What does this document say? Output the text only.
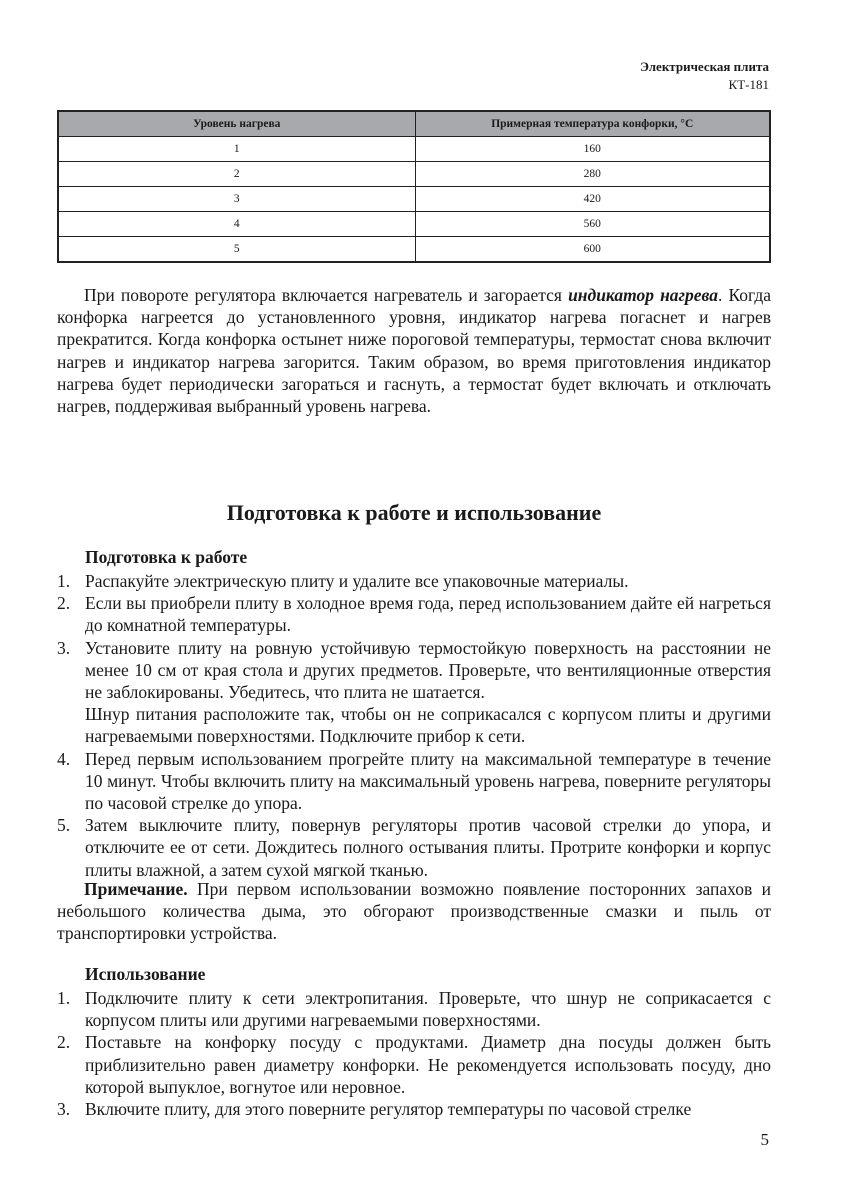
Электрическая плита
КТ-181
Уровень нагрева	Примерная температура конфорки, °С
1	160
2	280
3	420
4	560
5	600

При повороте регулятора включается нагреватель и загорается индикатор нагрева. Когда конфорка нагреется до установленного уровня, индикатор нагрева погаснет и нагрев прекратится. Когда конфорка остынет ниже пороговой температуры, термостат снова включит нагрев и индикатор нагрева загорится. Таким образом, во время приготовления индикатор нагрева будет периодически загораться и гаснуть, а термостат будет включать и отключать нагрев, поддерживая выбранный уровень нагрева.

Подготовка к работе и использование
Подготовка к работе
1. Распакуйте электрическую плиту и удалите все упаковочные материалы.
2. Если вы приобрели плиту в холодное время года, перед использованием дайте ей нагреться до комнатной температуры.
3. Установите плиту на ровную устойчивую термостойкую поверхность на расстоянии не менее 10 см от края стола и других предметов. Проверьте, что вентиляционные отверстия не заблокированы. Убедитесь, что плита не шатается.
Шнур питания расположите так, чтобы он не соприкасался с корпусом плиты и другими нагреваемыми поверхностями. Подключите прибор к сети.
4. Перед первым использованием прогрейте плиту на максимальной температуре в течение 10 минут. Чтобы включить плиту на максимальный уровень нагрева, поверните регуляторы по часовой стрелке до упора.
5. Затем выключите плиту, повернув регуляторы против часовой стрелки до упора, и отключите ее от сети. Дождитесь полного остывания плиты. Протрите конфорки и корпус плиты влажной, а затем сухой мягкой тканью.

Примечание. При первом использовании возможно появление посторонних запахов и небольшого количества дыма, это обгорают производственные смазки и пыль от транспортировки устройства.

Использование
1. Подключите плиту к сети электропитания. Проверьте, что шнур не соприкасается с корпусом плиты или другими нагреваемыми поверхностями.
2. Поставьте на конфорку посуду с продуктами. Диаметр дна посуды должен быть приблизительно равен диаметру конфорки. Не рекомендуется использовать посуду, дно которой выпуклое, вогнутое или неровное.
3. Включите плиту, для этого поверните регулятор температуры по часовой стрелке
5
